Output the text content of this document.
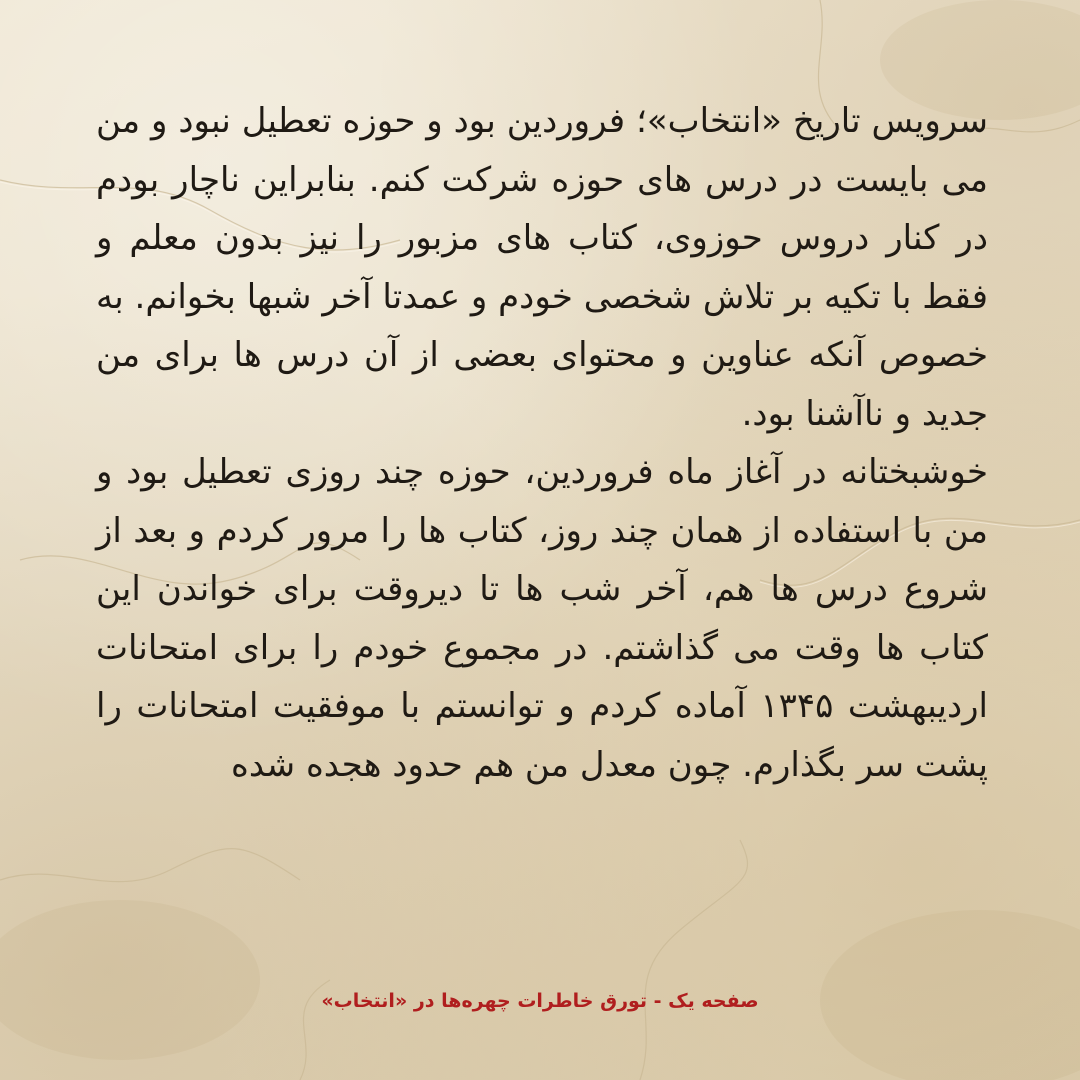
سرویس تاریخ «انتخاب»؛ فروردین بود و حوزه تعطیل نبود و من می بایست در درس های حوزه شرکت کنم. بنابراین ناچار بودم در کنار دروس حوزوی، کتاب های مزبور را نیز بدون معلم و فقط با تکیه بر تلاش شخصی خودم و عمدتا آخر شبها بخوانم. به خصوص آنکه عناوین و محتوای بعضی از آن درس ها برای من جدید و ناآشنا بود.

خوشبختانه در آغاز ماه فروردین، حوزه چند روزی تعطیل بود و من با استفاده از همان چند روز، کتاب ها را مرور کردم و بعد از شروع درس ها هم، آخر شب ها تا دیروقت برای خواندن این کتاب ها وقت می گذاشتم. در مجموع خودم را برای امتحانات اردیبهشت ۱۳۴۵ آماده کردم و توانستم با موفقیت امتحانات را پشت سر بگذارم. چون معدل من هم حدود هجده شده

صفحه یک - تورق خاطرات چهره‌ها در «انتخاب»
